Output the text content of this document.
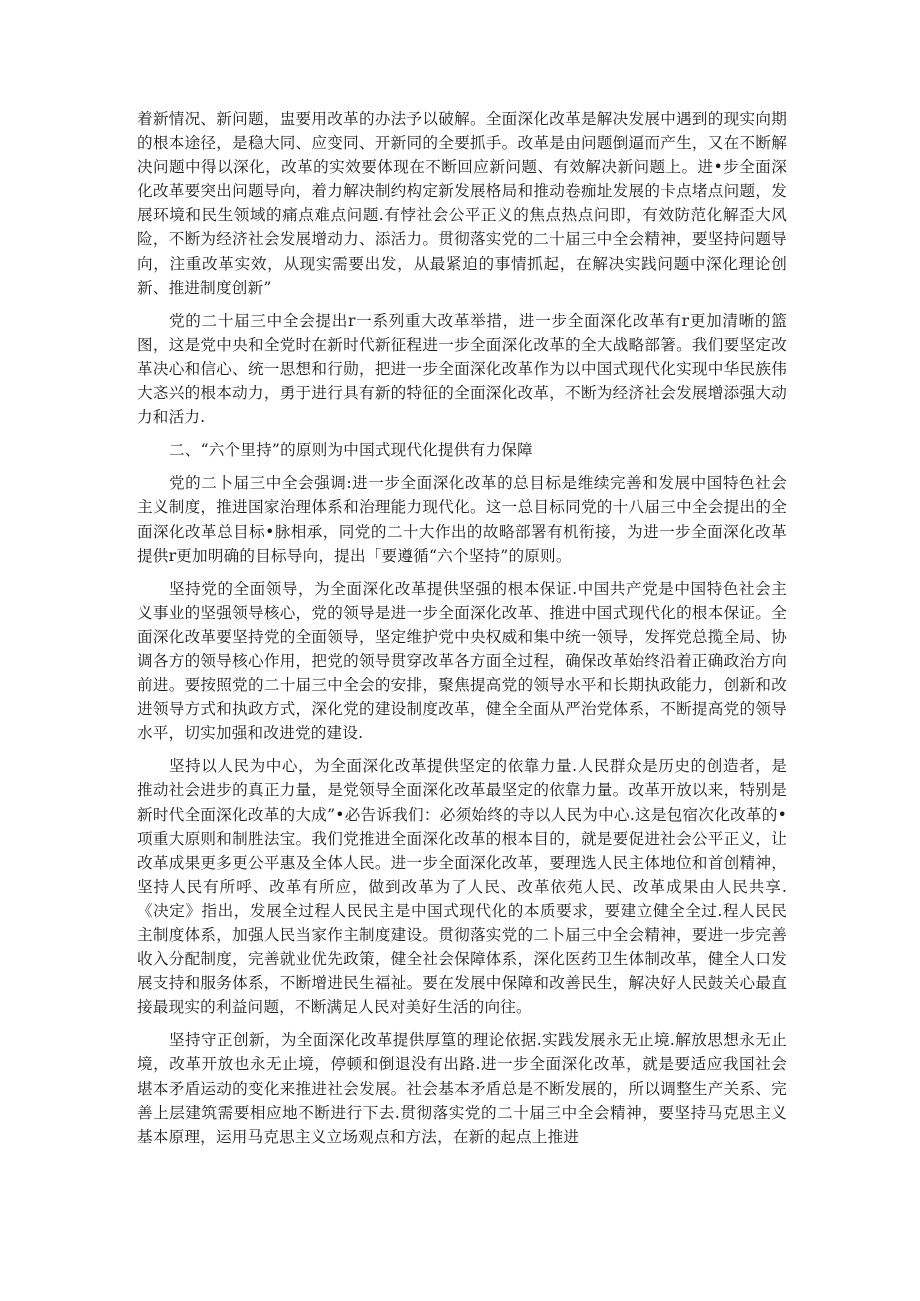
着新情况、新问题，盅要用改革的办法予以破解。全面深化改革是解决发展中遇到的现实向期的根本途径，是稳大同、应变同、开新同的全要抓手。改革是由问题倒逼而产生，又在不断解决问题中得以深化，改革的实效要体现在不断回应新问题、有效解决新问题上。进•步全面深化改革要突出问题导向，着力解决制约构定新发展格局和推动卷痂址发展的卡点堵点问题，发展环境和民生领域的痛点难点问题.有悖社会公平正义的焦点热点问即，有效防范化解歪大风险，不断为经济社会发展增动力、添活力。贯彻落实党的二十届三中全会精神，要坚持问题导向，注重改革实效，从现实需要出发，从最紧迫的事情抓起，在解决实践问题中深化理论创新、推进制度创新”

党的二十届三中全会提出r一系列重大改革举措，进一步全面深化改革有r更加清晰的篮图，这是党中央和全党时在新时代新征程进一步全面深化改革的全大战略部箸。我们要坚定改革决心和信心、统一思想和行勋，把进一步全面深化改革作为以中国式现代化实现中华民族伟大忞兴的根本动力，勇于进行具有新的特征的全面深化改革，不断为经济社会发展增添强大动力和活力.

二、“六个里持”的原则为中国式现代化提供有力保障

党的二卜届三中全会强调:进一步全面深化改革的总目标是维续完善和发展中国特色社会主义制度，推进国家治理体系和治理能力现代化。这一总目标同党的十八届三中全会提出的全面深化改革总目标•脉相承，同党的二十大作出的故略部署有机衔接，为进一步全面深化改革提供r更加明确的目标导向，提出「要遵循“六个坚持”的原则。

坚持党的全面领导，为全面深化改革提供坚强的根本保证.中国共产党是中国特色社会主义事业的坚强领导核心，党的领导是进一步全面深化改革、推进中国式现代化的根本保证。全面深化改革要坚持党的全面领导，坚定维护党中央权威和集中统一领导，发挥党总揽全局、协调各方的领导核心作用，把党的领导贯穿改革各方面全过程，确保改革始终沿着正确政治方向前进。要按照党的二十届三中全会的安排，聚焦提高党的领导水平和长期执政能力，创新和改进领导方式和执政方式，深化党的建设制度改革，健全全面从严治党体系，不断提高党的领导水平，切实加强和改进党的建设.

坚持以人民为中心，为全面深化改革提供坚定的依靠力量.人民群众是历史的创造者，是推动社会进步的真正力量，是党领导全面深化改革最坚定的依靠力量。改革开放以来，特别是新时代全面深化改革的大成”•必告诉我们：必须始终的寺以人民为中心.这是包宿次化改革的•项重大原则和制胜法宝。我们党推进全面深化改革的根本目的，就是要促进社会公平正义，让改革成果更多更公平惠及全体人民。进一步全面深化改革，要理选人民主体地位和首创精神，坚持人民有所呼、改革有所应，做到改革为了人民、改革依苑人民、改革成果由人民共享.《决定》指出，发展全过程人民民主是中国式现代化的本质要求，要建立健全全过.程人民民主制度体系，加强人民当家作主制度建设。贯彻落实党的二卜届三中全会精神，要进一步完善收入分配制度，完善就业优先政策，健全社会保障体系，深化医药卫生体制改革，健全人口发展支持和服务体系，不断增进民生福祉。要在发展中保障和改善民生，解决好人民鼓关心最直接最现实的利益问题，不断满足人民对美好生活的向往。

坚持守正创新，为全面深化改革提供厚篁的理论依据.实践发展永无止境.解放思想永无止境，改革开放也永无止境，停顿和倒退没有出路.进一步全面深化改革，就是要适应我国社会堪本矛盾运动的变化来推进社会发展。社会基本矛盾总是不断发展的，所以调整生产关系、完善上层建筑需要相应地不断进行下去.贯彻落实党的二十届三中全会精神，要坚持马克思主义基本原理，运用马克思主义立场观点和方法，在新的起点上推进
